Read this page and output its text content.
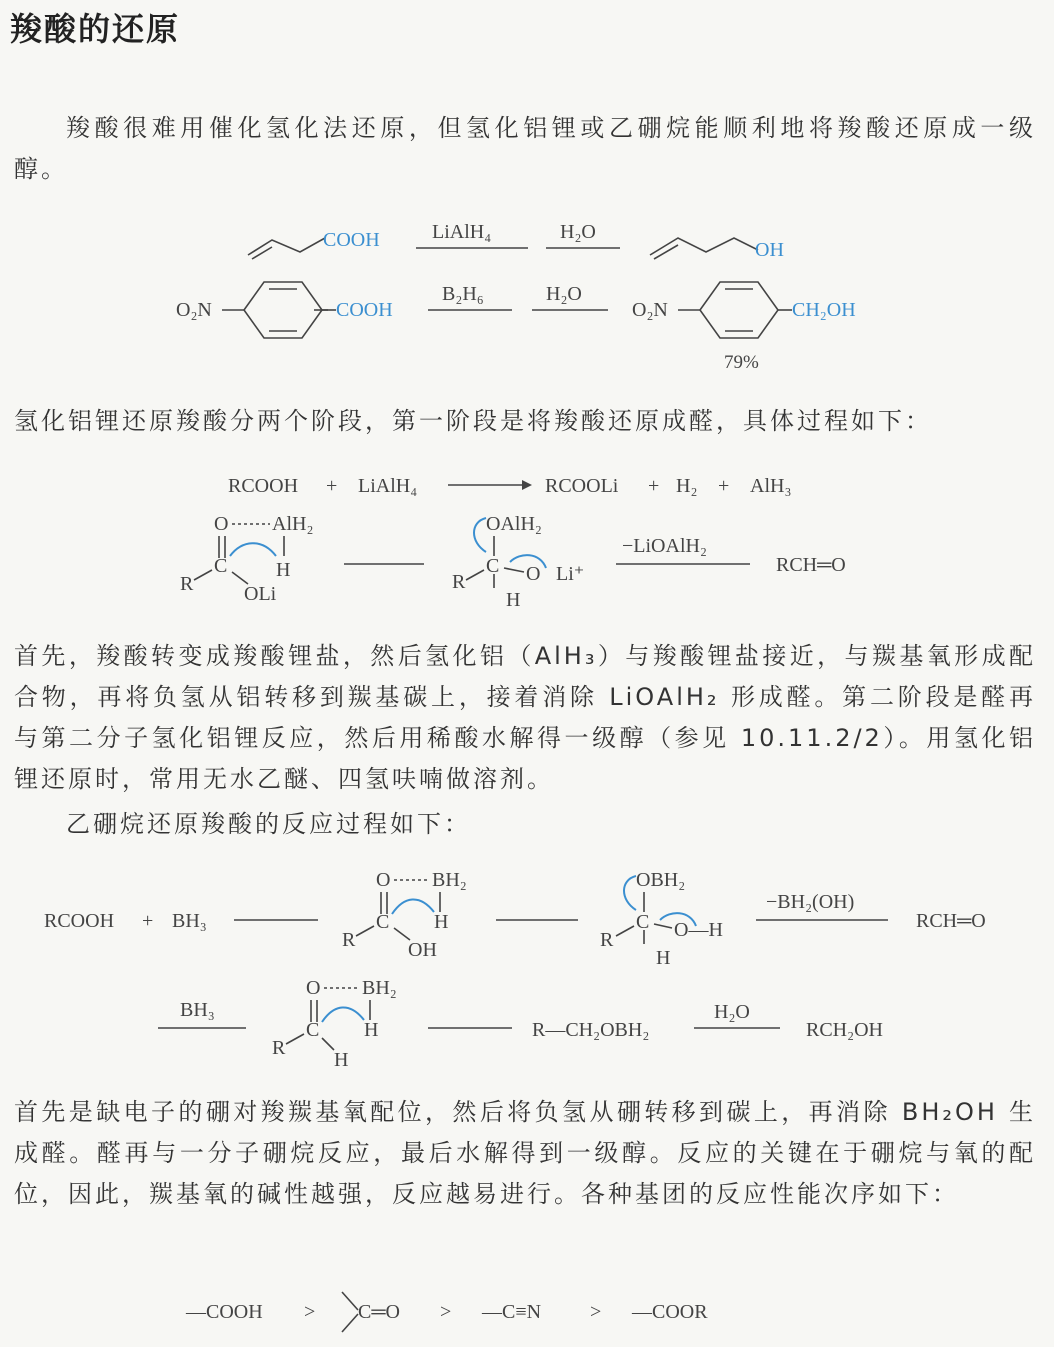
羧酸的还原
羧酸很难用催化氢化法还原，但氢化铝锂或乙硼烷能顺利地将羧酸还原成一级醇。
COOH	LiAlH₄	H₂O
OH
O₂N	COOH
B₂H₆	H₂O
O₂N	CH₂OH
79%
氢化铝锂还原羧酸分两个阶段，第一阶段是将羧酸还原成醛，具体过程如下：
RCOOH + LiAlH₄	RCOOLi + H₂ + AlH₃
O AlH₂
C H
R	OLi
OAlH₂
C
R
H
O Li⁺
−LiOAlH₂
RCH═O
首先，羧酸转变成羧酸锂盐，然后氢化铝（AlH₃）与羧酸锂盐接近，与羰基氧形成配合物，再将负氢从铝转移到羰基碳上，接着消除 LiOAlH₂ 形成醛。第二阶段是醛再与第二分子氢化铝锂反应，然后用稀酸水解得一级醇（参见 10.11.2/2）。用氢化铝锂还原时，常用无水乙醚、四氢呋喃做溶剂。
乙硼烷还原羧酸的反应过程如下：
RCOOH + BH₃
O BH₂
C H
R	OH
OBH₂
C
R
H
O—H
−BH₂(OH)
RCH═O
BH₃
O BH₂
C H
R
H
R—CH₂OBH₂
H₂O
RCH₂OH
首先是缺电子的硼对羧羰基氧配位，然后将负氢从硼转移到碳上，再消除 BH₂OH 生成醛。醛再与一分子硼烷反应，最后水解得到一级醇。反应的关键在于硼烷与氧的配位，因此，羰基氧的碱性越强，反应越易进行。各种基团的反应性能次序如下：
—COOH > C═O > —C≡N > —COOR
